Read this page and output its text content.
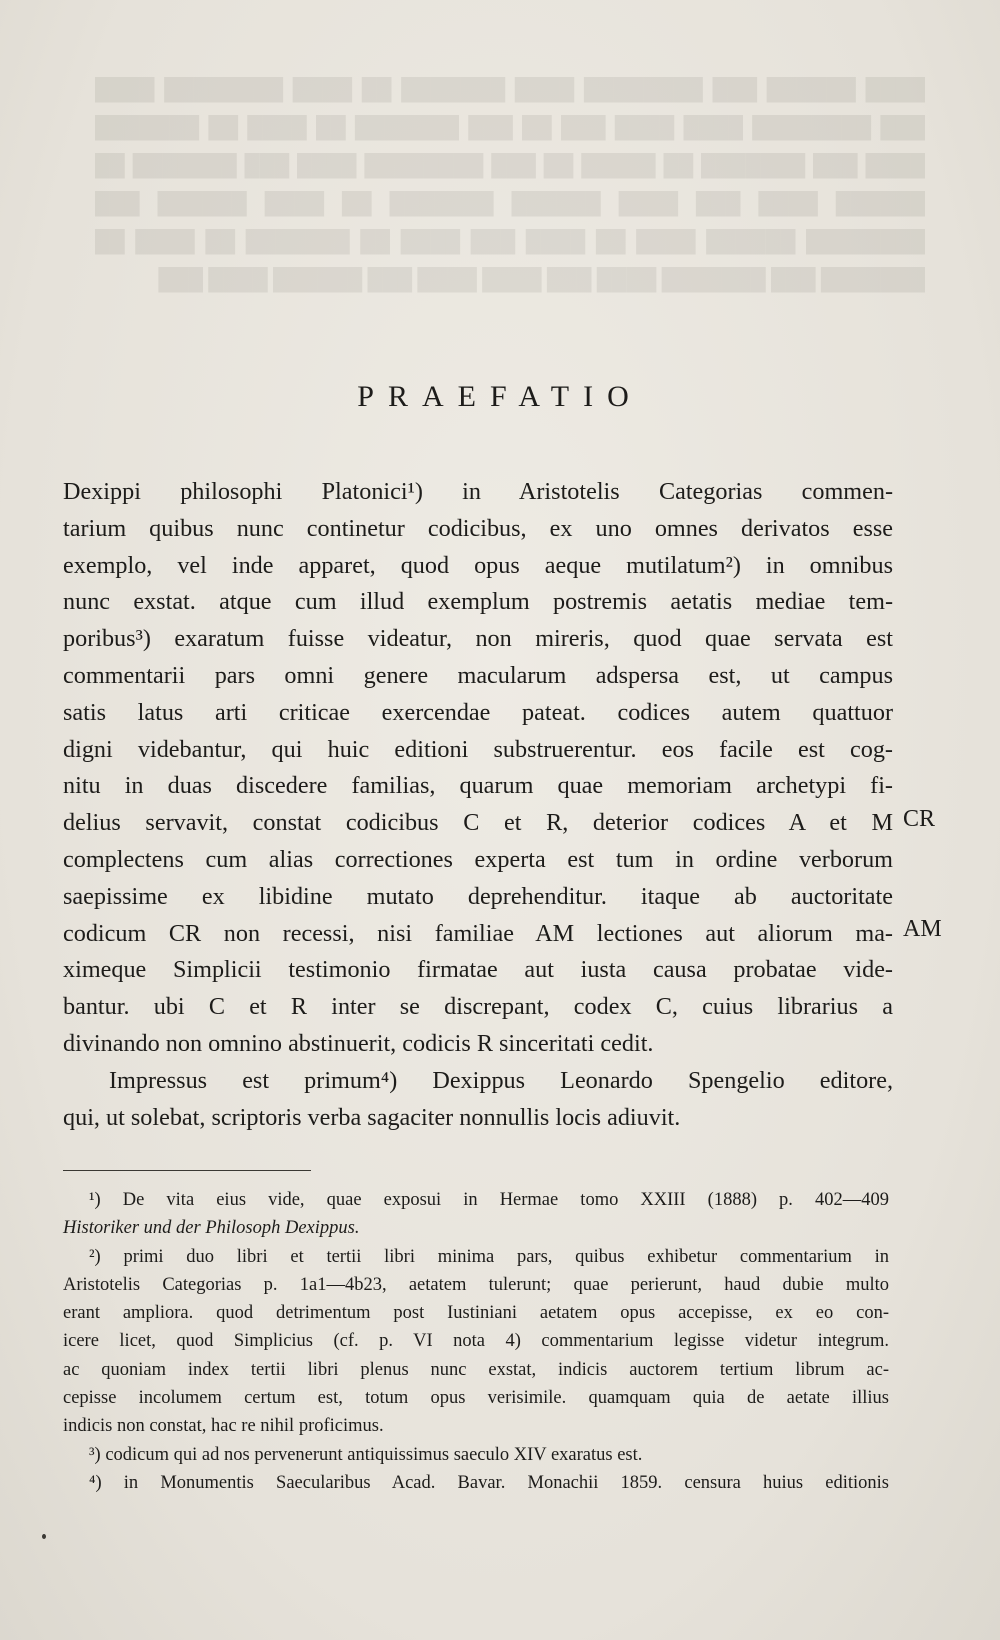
████ ██████ ███ ████████ ████ ███████ ██ ████ ████████ ████ ███ ████████ ████ ████ ███ ██ ███ ███████ ██ ████ ██ ███████ ████ ███ ███████ ██ █████ ██ ███ ████████ ████ ███ ███████ ██ ██████ ████ ███ ████ ██████ ███████ ██ ████ ██████ ███ ████████ ██████ ████ ██ ████ ███ ████ ██ ███████ ██ ████ ██ ███████ ███ ███████ ████ ███ ████ ████ ███ ██████ ████ ███
PRAEFATIO
Dexippi philosophi Platonici¹) in Aristotelis Categorias commen-
tarium quibus nunc continetur codicibus, ex uno omnes derivatos esse
exemplo, vel inde apparet, quod opus aeque mutilatum²) in omnibus
nunc exstat. atque cum illud exemplum postremis aetatis mediae tem-
poribus³) exaratum fuisse videatur, non mireris, quod quae servata est
commentarii pars omni genere macularum adspersa est, ut campus
satis latus arti criticae exercendae pateat. codices autem quattuor
digni videbantur, qui huic editioni substruerentur. eos facile est cog-
nitu in duas discedere familias, quarum quae memoriam archetypi fi-
delius servavit, constat codicibus C et R, deterior codices A et M
complectens cum alias correctiones experta est tum in ordine verborum
saepissime ex libidine mutato deprehenditur. itaque ab auctoritate
codicum CR non recessi, nisi familiae AM lectiones aut aliorum ma-
ximeque Simplicii testimonio firmatae aut iusta causa probatae vide-
bantur. ubi C et R inter se discrepant, codex C, cuius librarius a
divinando non omnino abstinuerit, codicis R sinceritati cedit.
Impressus est primum⁴) Dexippus Leonardo Spengelio editore,
qui, ut solebat, scriptoris verba sagaciter nonnullis locis adiuvit.
CR
AM
¹) De vita eius vide, quae exposui in Hermae tomo XXIII (1888) p. 402—409
Historiker und der Philosoph Dexippus.
²) primi duo libri et tertii libri minima pars, quibus exhibetur commentarium in
Aristotelis Categorias p. 1a1—4b23, aetatem tulerunt; quae perierunt, haud dubie multo
erant ampliora. quod detrimentum post Iustiniani aetatem opus accepisse, ex eo con-
icere licet, quod Simplicius (cf. p. VI nota 4) commentarium legisse videtur integrum.
ac quoniam index tertii libri plenus nunc exstat, indicis auctorem tertium librum ac-
cepisse incolumem certum est, totum opus verisimile. quamquam quia de aetate illius
indicis non constat, hac re nihil proficimus.
³) codicum qui ad nos pervenerunt antiquissimus saeculo XIV exaratus est.
⁴) in Monumentis Saecularibus Acad. Bavar. Monachii 1859. censura huius editionis
